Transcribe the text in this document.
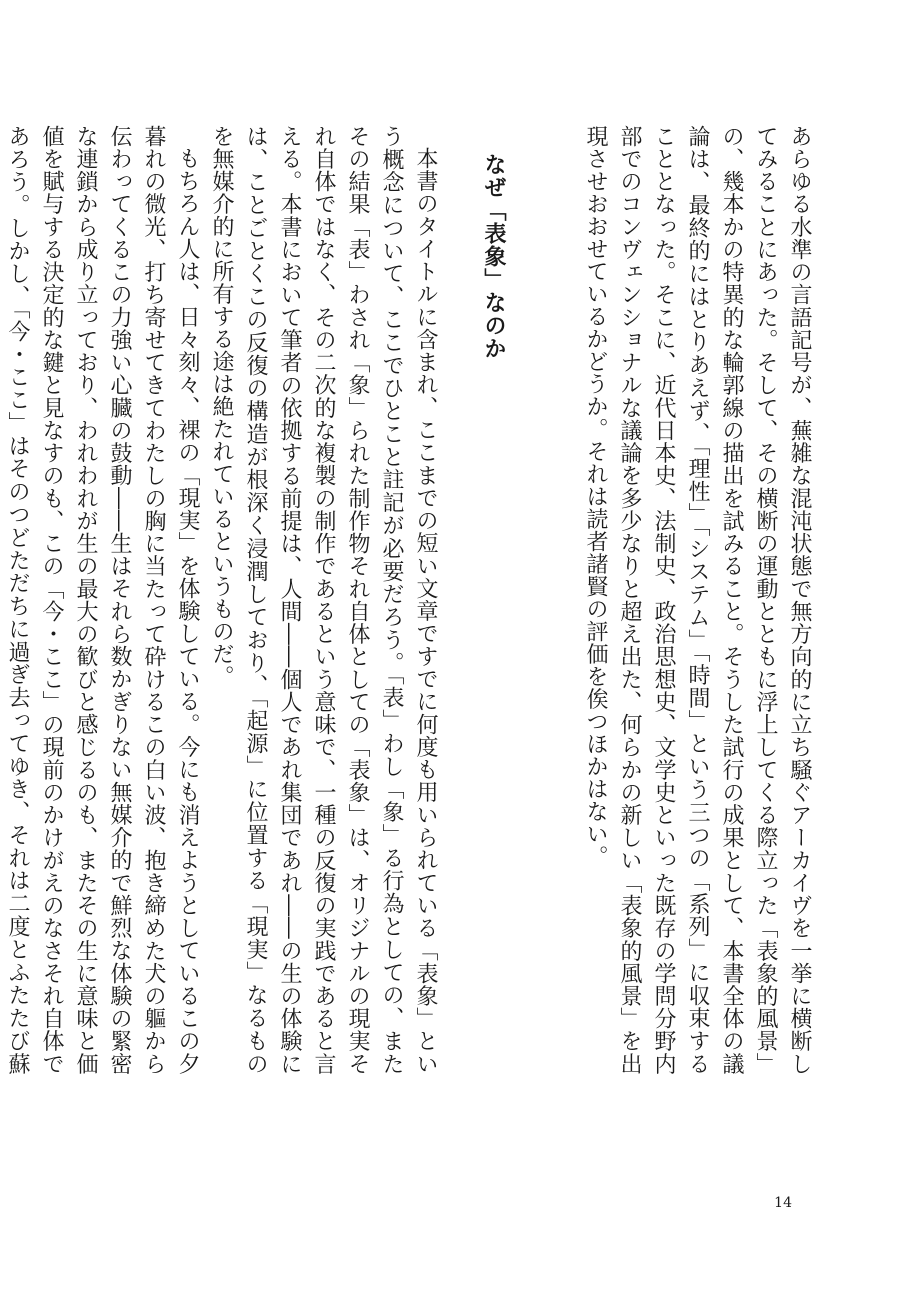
あらゆる水準の言語記号が、蕪雑な混沌状態で無方向的に立ち騒ぐアーカイヴを一挙に横断してみることにあった。そして、その横断の運動とともに浮上してくる際立った「表象的風景」の、幾本かの特異的な輪郭線の描出を試みること。そうした試行の成果として、本書全体の議論は、最終的にはとりあえず、「理性」「システム」「時間」という三つの「系列」に収束することとなった。そこに、近代日本史、法制史、政治思想史、文学史といった既存の学問分野内部でのコンヴェンショナルな議論を多少なりと超え出た、何らかの新しい「表象的風景」を出現させおおせているかどうか。それは読者諸賢の評価を俟つほかはない。

なぜ「表象」なのか

本書のタイトルに含まれ、ここまでの短い文章ですでに何度も用いられている「表象」という概念について、ここでひとこと註記が必要だろう。「表」わし「象」る行為としての、またその結果「表」わされ「象」られた制作物それ自体としての「表象」は、オリジナルの現実それ自体ではなく、その二次的な複製の制作であるという意味で、一種の反復の実践であると言える。本書において筆者の依拠する前提は、人間――個人であれ集団であれ――の生の体験には、ことごとくこの反復の構造が根深く浸潤しており、「起源」に位置する「現実」なるものを無媒介的に所有する途は絶たれているというものだ。

もちろん人は、日々刻々、裸の「現実」を体験している。今にも消えようとしているこの夕暮れの微光、打ち寄せてきてわたしの胸に当たって砕けるこの白い波、抱き締めた犬の軀から伝わってくるこの力強い心臓の鼓動――生はそれら数かぎりない無媒介的で鮮烈な体験の緊密な連鎖から成り立っており、われわれが生の最大の歓びと感じるのも、またその生に意味と価値を賦与する決定的な鍵と見なすのも、この「今・ここ」の現前のかけがえのなさそれ自体であろう。しかし、「今・ここ」はそのつどただちに過ぎ去ってゆき、それは二度とふたたび蘇

14
